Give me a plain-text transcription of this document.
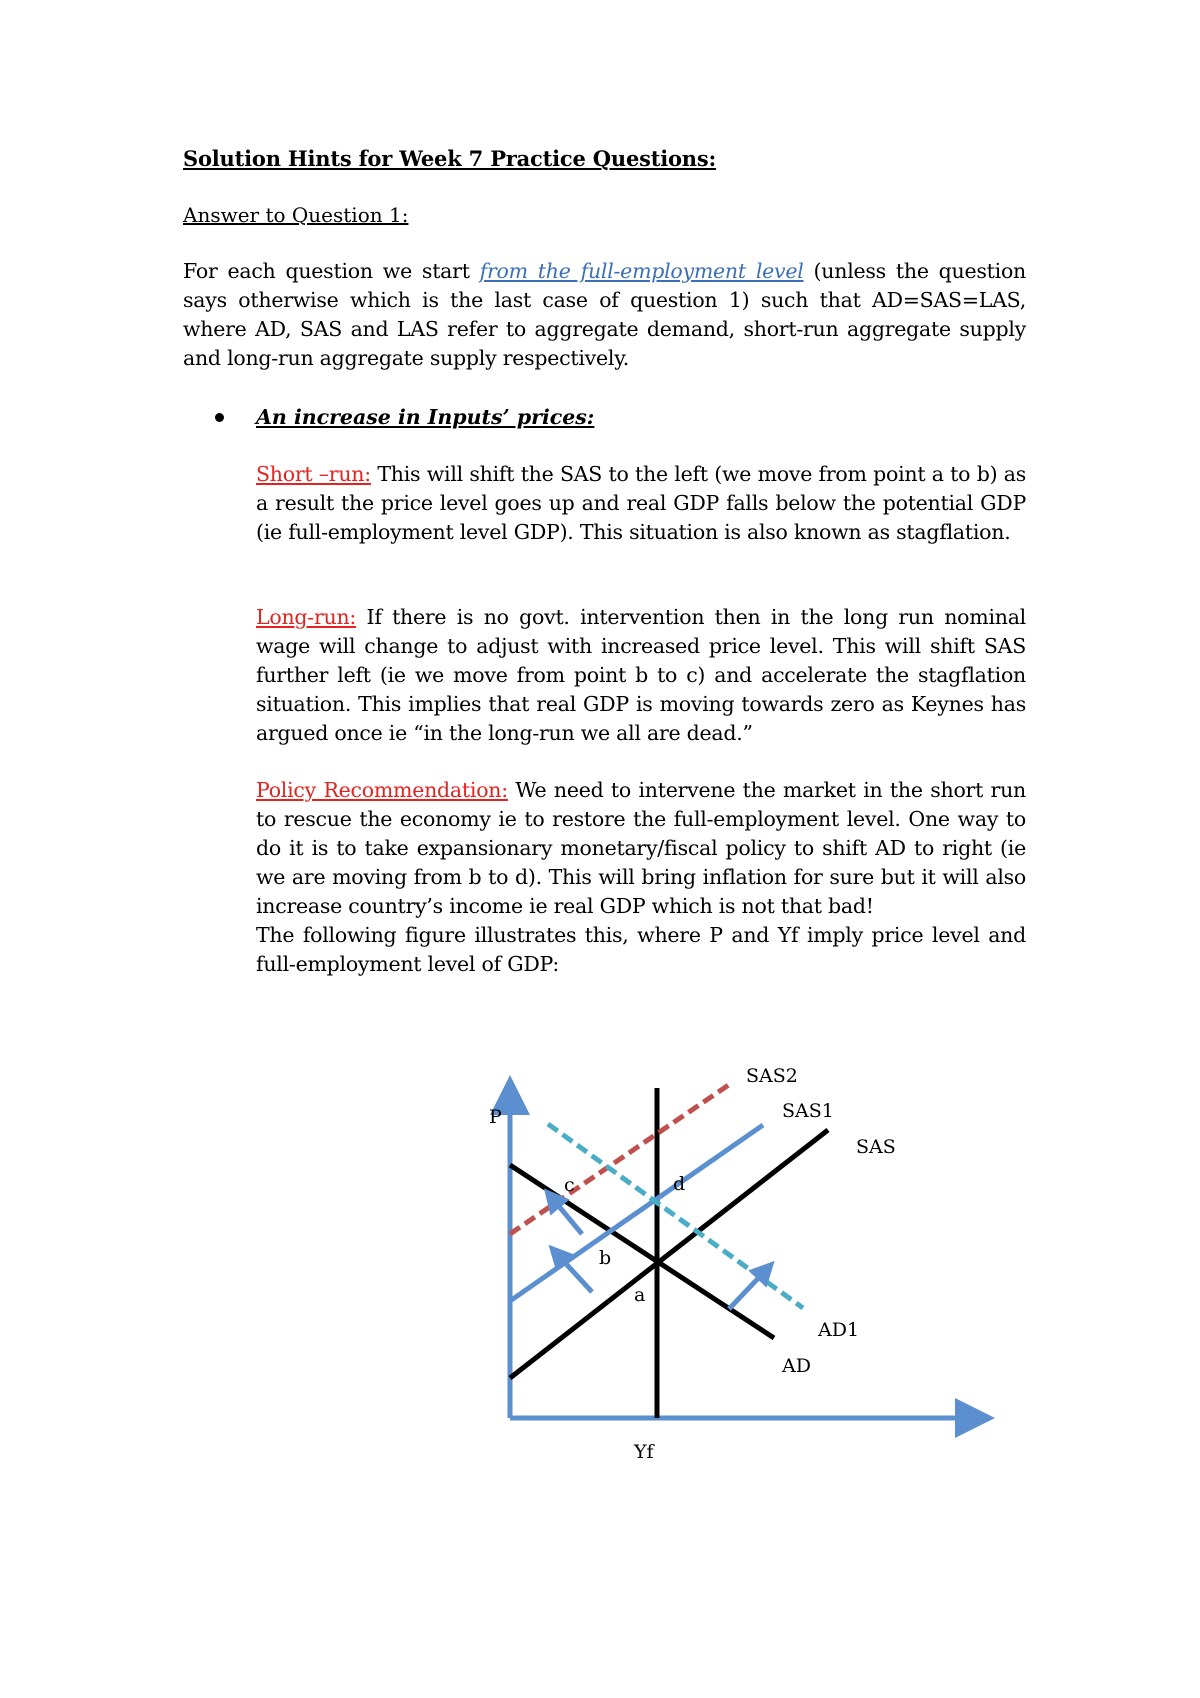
Solution Hints for Week 7 Practice Questions:
Answer to Question 1:
For each question we start from the full-employment level (unless the question says otherwise which is the last case of question 1) such that AD=SAS=LAS, where AD, SAS and LAS refer to aggregate demand, short-run aggregate supply and long-run aggregate supply respectively.
An increase in Inputs’ prices:
Short –run: This will shift the SAS to the left (we move from point a to b) as a result the price level goes up and real GDP falls below the potential GDP (ie full-employment level GDP). This situation is also known as stagflation.
Long-run: If there is no govt. intervention then in the long run nominal wage will change to adjust with increased price level. This will shift SAS further left (ie we move from point b to c) and accelerate the stagflation situation. This implies that real GDP is moving towards zero as Keynes has argued once ie “in the long-run we all are dead.”
Policy Recommendation: We need to intervene the market in the short run to rescue the economy ie to restore the full-employment level. One way to do it is to take expansionary monetary/fiscal policy to shift AD to right (ie we are moving from b to d). This will bring inflation for sure but it will also increase country’s income ie real GDP which is not that bad!
The following figure illustrates this, where P and Yf imply price level and full-employment level of GDP:
P
Yf
SAS2
SAS1
SAS
AD1
AD
c	d
b
a
